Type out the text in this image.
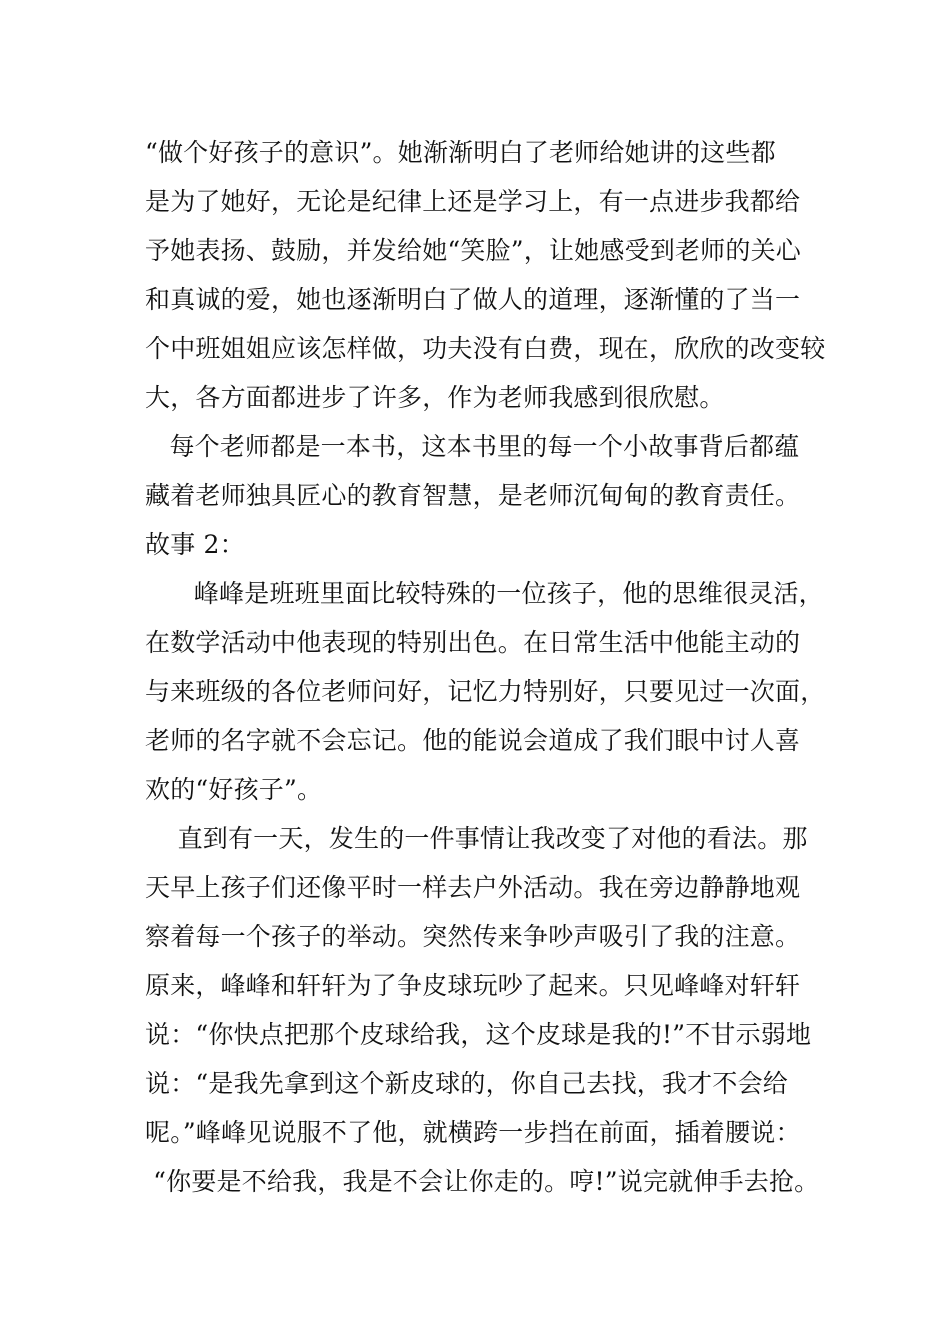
“做个好孩子的意识”。她渐渐明白了老师给她讲的这些都
是为了她好，无论是纪律上还是学习上，有一点进步我都给
予她表扬、鼓励，并发给她“笑脸”，让她感受到老师的关心
和真诚的爱，她也逐渐明白了做人的道理，逐渐懂的了当一
个中班姐姐应该怎样做，功夫没有白费，现在，欣欣的改变较
大，各方面都进步了许多，作为老师我感到很欣慰。
每个老师都是一本书，这本书里的每一个小故事背后都蕴
藏着老师独具匠心的教育智慧，是老师沉甸甸的教育责任。
故事 2：
峰峰是班班里面比较特殊的一位孩子，他的思维很灵活，
在数学活动中他表现的特别出色。在日常生活中他能主动的
与来班级的各位老师问好，记忆力特别好，只要见过一次面，
老师的名字就不会忘记。他的能说会道成了我们眼中讨人喜
欢的“好孩子”。
直到有一天，发生的一件事情让我改变了对他的看法。那
天早上孩子们还像平时一样去户外活动。我在旁边静静地观
察着每一个孩子的举动。突然传来争吵声吸引了我的注意。
原来，峰峰和轩轩为了争皮球玩吵了起来。只见峰峰对轩轩
说：“你快点把那个皮球给我，这个皮球是我的!”不甘示弱地
说：“是我先拿到这个新皮球的，你自己去找，我才不会给
呢。”峰峰见说服不了他，就横跨一步挡在前面，插着腰说：
“你要是不给我，我是不会让你走的。哼!”说完就伸手去抢。
